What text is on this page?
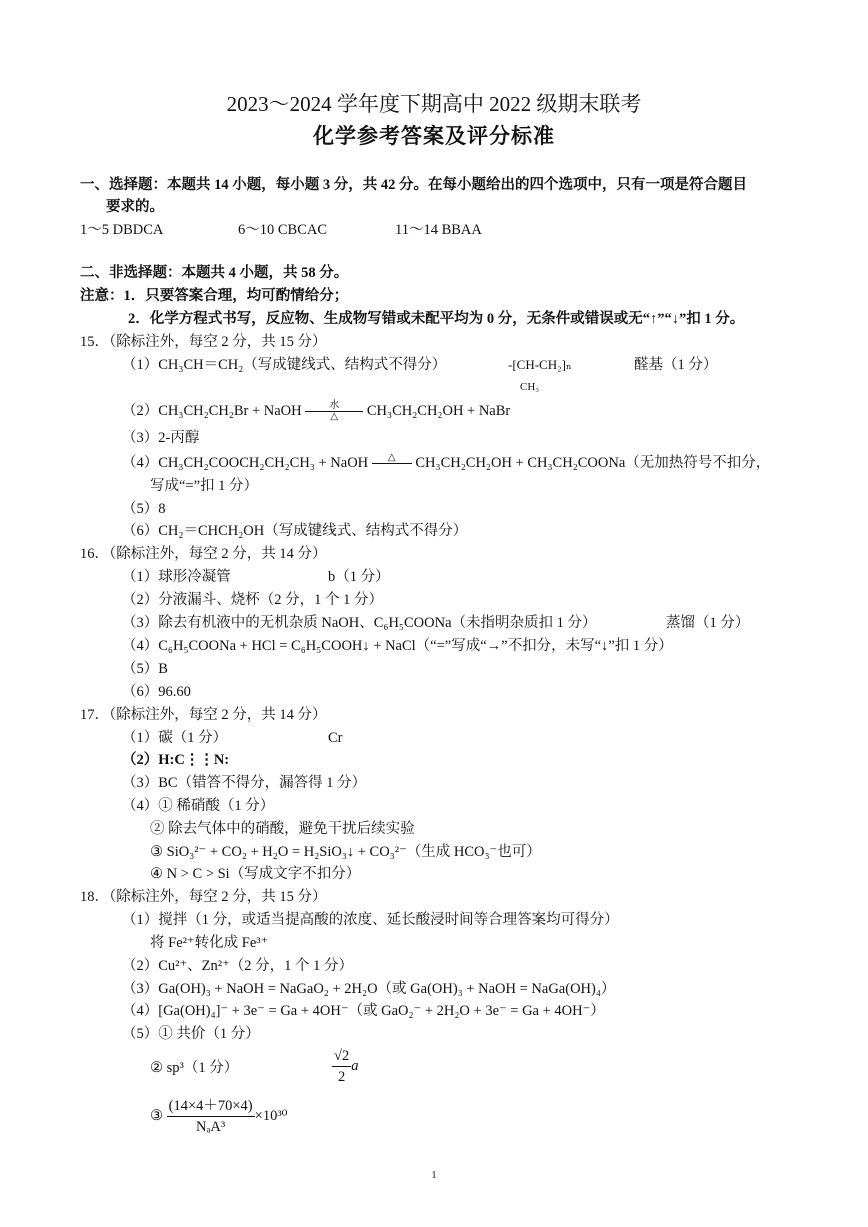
2023～2024 学年度下期高中 2022 级期末联考
化学参考答案及评分标准
一、选择题：本题共 14 小题，每小题 3 分，共 42 分。在每小题给出的四个选项中，只有一项是符合题目
要求的。
1～5 DBDCA	6～10 CBCAC	11～14 BBAA
二、非选择题：本题共 4 小题，共 58 分。
注意：1．只要答案合理，均可酌情给分；
2．化学方程式书写，反应物、生成物写错或未配平均为 0 分，无条件或错误或无“↑”“↓”扣 1 分。
15．（除标注外，每空 2 分，共 15 分）
（1）CH₃CH＝CH₂（写成键线式、结构式不得分）	-[CH-CH₂]ₙ
CH₃
醛基（1 分）
（2）CH₃CH₂CH₂Br + NaOH	水
△	CH₃CH₂CH₂OH + NaBr
（3）2-丙醇
（4）CH₃CH₂COOCH₂CH₂CH₃ + NaOH	△
	CH₃CH₂CH₂OH + CH₃CH₂COONa（无加热符号不扣分，
写成“=”扣 1 分）
（5）8
（6）CH₂＝CHCH₂OH（写成键线式、结构式不得分）
16．（除标注外，每空 2 分，共 14 分）
（1）球形冷凝管	b（1 分）
（2）分液漏斗、烧杯（2 分，1 个 1 分）
（3）除去有机液中的无机杂质 NaOH、C₆H₅COONa（未指明杂质扣 1 分）	蒸馏（1 分）
（4）C₆H₅COONa + HCl = C₆H₅COOH↓ + NaCl（“=”写成“→”不扣分，未写“↓”扣 1 分）
（5）B
（6）96.60
17．（除标注外，每空 2 分，共 14 分）
（1）碳（1 分）	Cr
（2）H:C⋮⋮N:
（3）BC（错答不得分，漏答得 1 分）
（4）① 稀硝酸（1 分）
② 除去气体中的硝酸，避免干扰后续实验
③ SiO₃²⁻ + CO₂ + H₂O = H₂SiO₃↓ + CO₃²⁻（生成 HCO₃⁻也可）
④ N > C > Si（写成文字不扣分）
18．（除标注外，每空 2 分，共 15 分）
（1）搅拌（1 分，或适当提高酸的浓度、延长酸浸时间等合理答案均可得分）
将 Fe²⁺转化成 Fe³⁺
（2）Cu²⁺、Zn²⁺（2 分，1 个 1 分）
（3）Ga(OH)₃ + NaOH = NaGaO₂ + 2H₂O（或 Ga(OH)₃ + NaOH = NaGa(OH)₄）
（4）[Ga(OH)₄]⁻ + 3e⁻ = Ga + 4OH⁻（或 GaO₂⁻ + 2H₂O + 3e⁻ = Ga + 4OH⁻）
（5）① 共价（1 分）
② sp³（1 分）	$\frac{√2}{2}$ a
③ $\frac{(14\times 4+70\times 4)}{\text{NₐA³}} \times 10^{30}$
1
